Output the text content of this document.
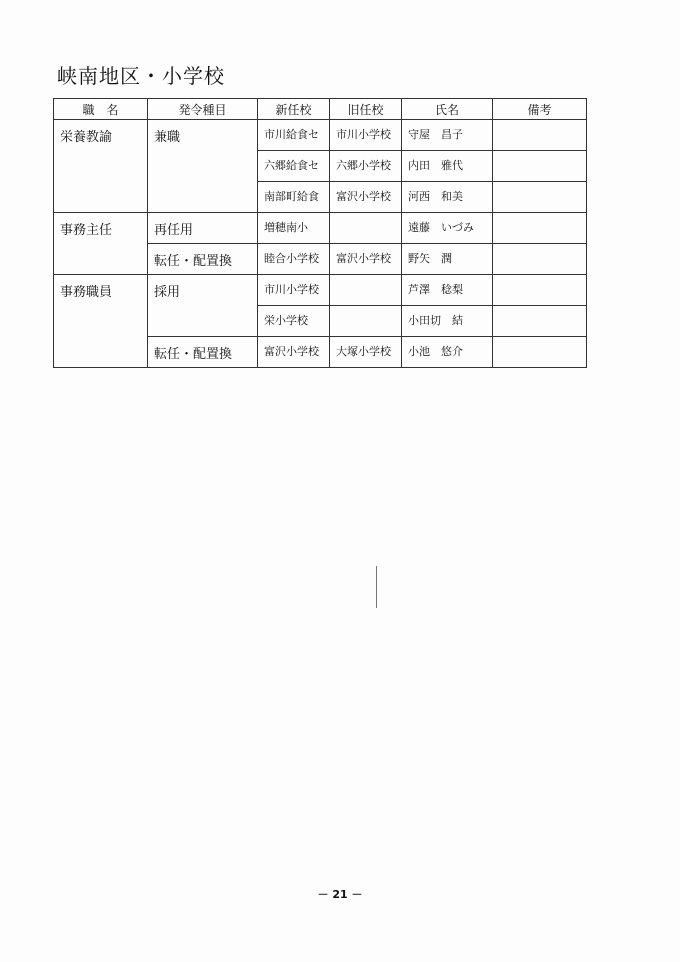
峡南地区・小学校
職　名	発令種目	新任校	旧任校	氏名	備考
栄養教諭	兼職	市川給食セ	市川小学校	守屋　昌子	
		六郷給食セ	六郷小学校	内田　雅代	
		南部町給食	富沢小学校	河西　和美	
事務主任	再任用	増穂南小		遠藤　いづみ	
	転任・配置換	睦合小学校	富沢小学校	野矢　潤	
事務職員	採用	市川小学校		芦澤　稔梨	
		栄小学校		小田切　結	
	転任・配置換	富沢小学校	大塚小学校	小池　悠介	
－ 21 －
